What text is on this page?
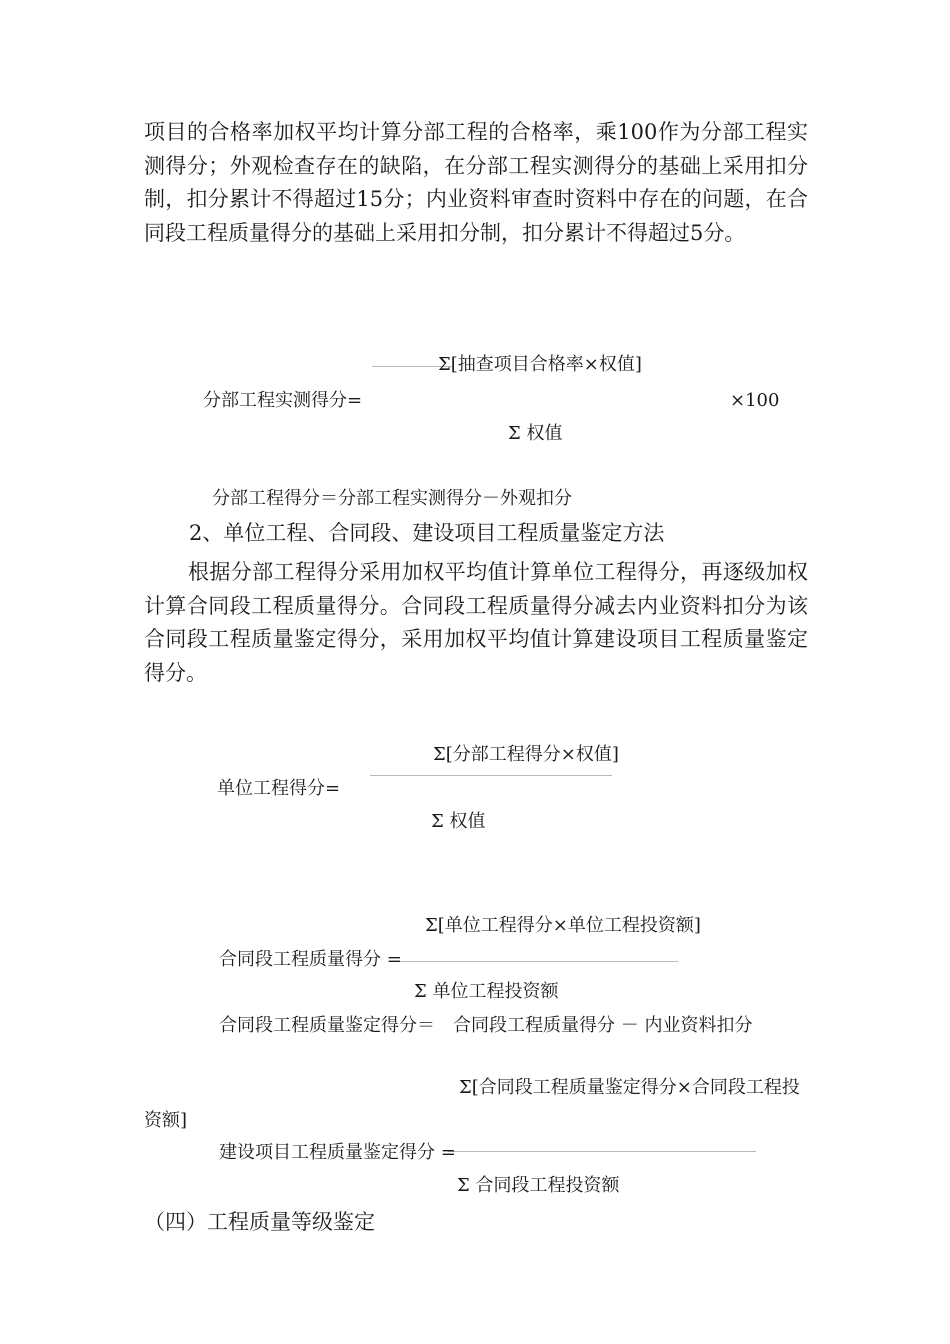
项目的合格率加权平均计算分部工程的合格率，乘100作为分部工程实测得分；外观检查存在的缺陷，在分部工程实测得分的基础上采用扣分制，扣分累计不得超过15分；内业资料审查时资料中存在的问题，在合同段工程质量得分的基础上采用扣分制，扣分累计不得超过5分。

Σ[抽查项目合格率×权值]
分部工程实测得分=	×100
Σ 权值
分部工程得分＝分部工程实测得分－外观扣分
2、单位工程、合同段、建设项目工程质量鉴定方法

根据分部工程得分采用加权平均值计算单位工程得分，再逐级加权计算合同段工程质量得分。合同段工程质量得分减去内业资料扣分为该合同段工程质量鉴定得分，采用加权平均值计算建设项目工程质量鉴定得分。

Σ[分部工程得分×权值]
单位工程得分=
Σ 权值
Σ[单位工程得分×单位工程投资额]
合同段工程质量得分 =
Σ 单位工程投资额
合同段工程质量鉴定得分＝　合同段工程质量得分 － 内业资料扣分
Σ[合同段工程质量鉴定得分×合同段工程投
资额]
建设项目工程质量鉴定得分 =
Σ 合同段工程投资额
（四）工程质量等级鉴定
